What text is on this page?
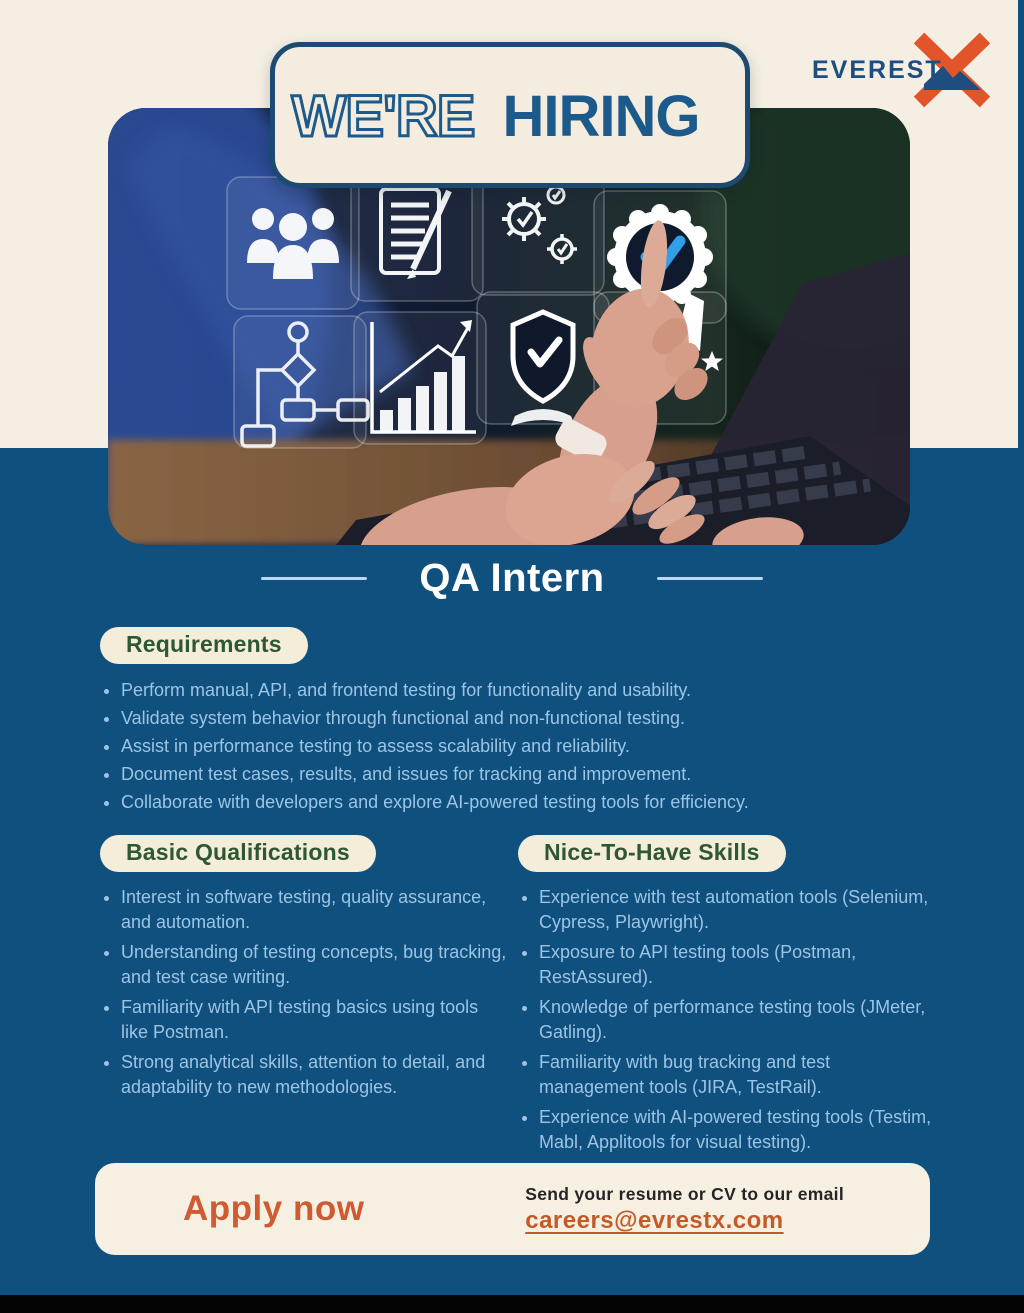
WE'RE HIRING
EVEREST
QA Intern
Requirements
• Perform manual, API, and frontend testing for functionality and usability.
• Validate system behavior through functional and non-functional testing.
• Assist in performance testing to assess scalability and reliability.
• Document test cases, results, and issues for tracking and improvement.
• Collaborate with developers and explore AI-powered testing tools for efficiency.
Basic Qualifications
• Interest in software testing, quality assurance, and automation.
• Understanding of testing concepts, bug tracking, and test case writing.
• Familiarity with API testing basics using tools like Postman.
• Strong analytical skills, attention to detail, and adaptability to new methodologies.
Nice-To-Have Skills
• Experience with test automation tools (Selenium, Cypress, Playwright).
• Exposure to API testing tools (Postman, RestAssured).
• Knowledge of performance testing tools (JMeter, Gatling).
• Familiarity with bug tracking and test management tools (JIRA, TestRail).
• Experience with AI-powered testing tools (Testim, Mabl, Applitools for visual testing).
Apply now	Send your resume or CV to our email
careers@evrestx.com
